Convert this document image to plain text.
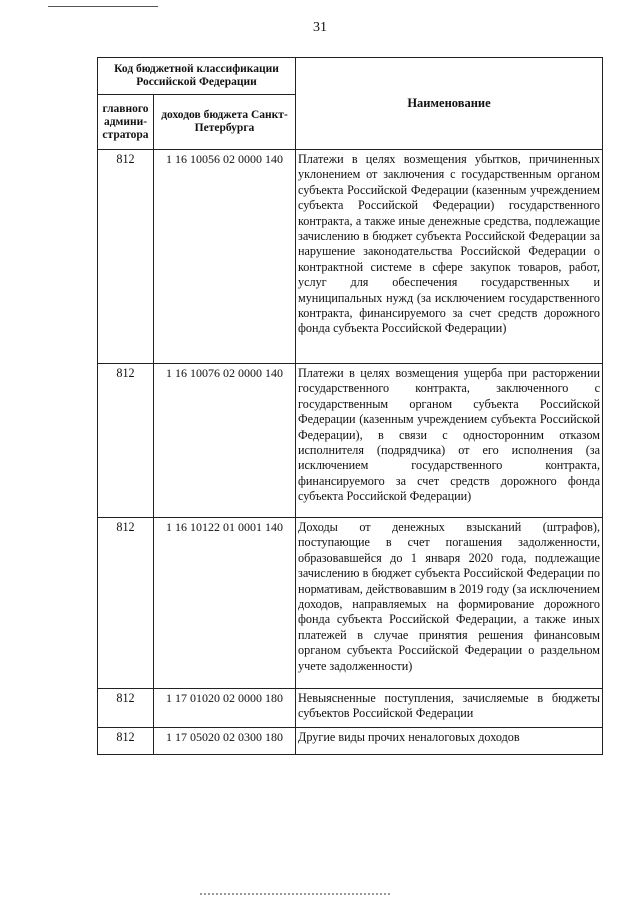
31
Код бюджетной классификации Российской Федерации		Наименование
главного админи-стратора	доходов бюджета Санкт-Петербурга	
812	1 16 10056 02 0000 140	Платежи в целях возмещения убытков, причиненных уклонением от заключения с государственным органом субъекта Российской Федерации (казенным учреждением субъекта Российской Федерации) государственного контракта, а также иные денежные средства, подлежащие зачислению в бюджет субъекта Российской Федерации за нарушение законодательства Российской Федерации о контрактной системе в сфере закупок товаров, работ, услуг для обеспечения государственных и муниципальных нужд (за исключением государственного контракта, финансируемого за счет средств дорожного фонда субъекта Российской Федерации)
812	1 16 10076 02 0000 140	Платежи в целях возмещения ущерба при расторжении государственного контракта, заключенного с государственным органом субъекта Российской Федерации (казенным учреждением субъекта Российской Федерации), в связи с односторонним отказом исполнителя (подрядчика) от его исполнения (за исключением государственного контракта, финансируемого за счет средств дорожного фонда субъекта Российской Федерации)
812	1 16 10122 01 0001 140	Доходы от денежных взысканий (штрафов), поступающие в счет погашения задолженности, образовавшейся до 1 января 2020 года, подлежащие зачислению в бюджет субъекта Российской Федерации по нормативам, действовавшим в 2019 году (за исключением доходов, направляемых на формирование дорожного фонда субъекта Российской Федерации, а также иных платежей в случае принятия решения финансовым органом субъекта Российской Федерации о раздельном учете задолженности)
812	1 17 01020 02 0000 180	Невыясненные поступления, зачисляемые в бюджеты субъектов Российской Федерации
812	1 17 05020 02 0300 180	Другие виды прочих неналоговых доходов
